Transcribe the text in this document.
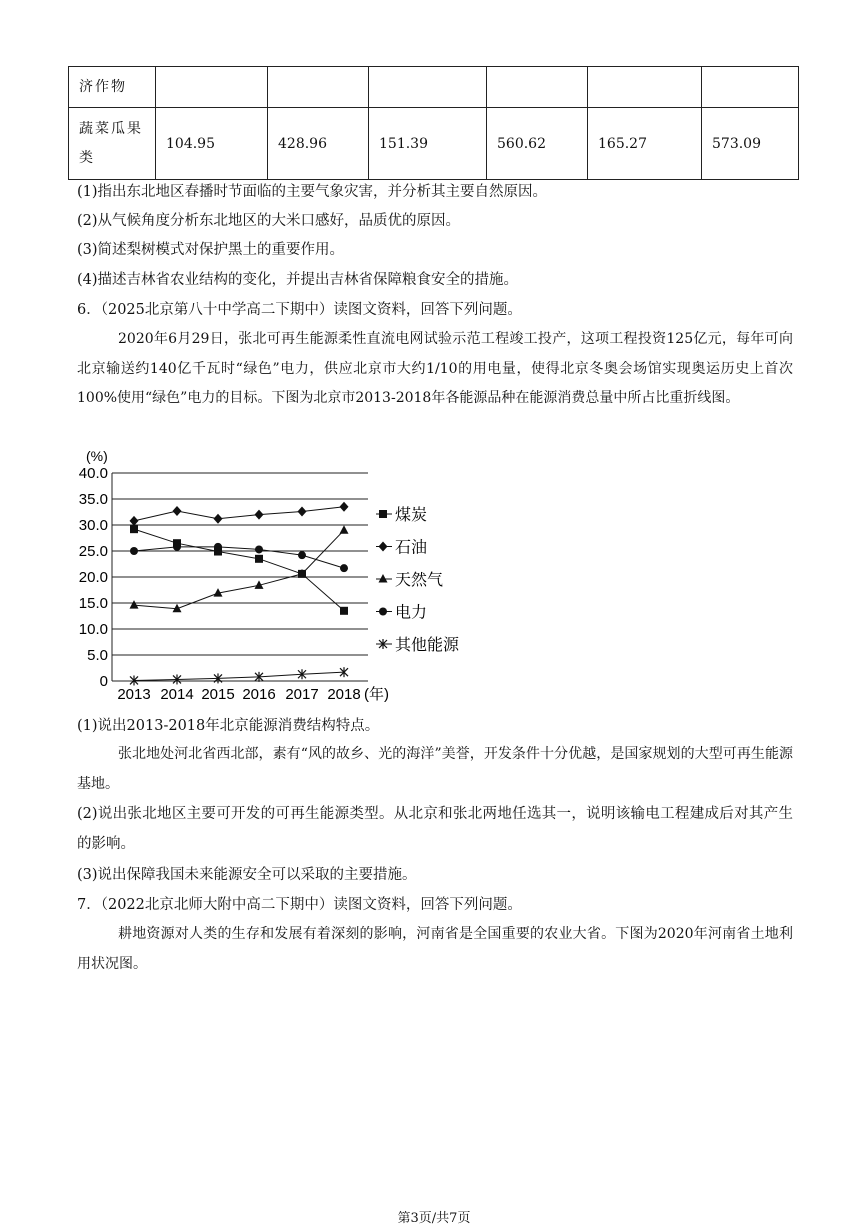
济作物						
蔬菜瓜果类	104.95	428.96	151.39	560.62	165.27	573.09
(1)指出东北地区春播时节面临的主要气象灾害，并分析其主要自然原因。
(2)从气候角度分析东北地区的大米口感好，品质优的原因。
(3)简述梨树模式对保护黑土的重要作用。
(4)描述吉林省农业结构的变化，并提出吉林省保障粮食安全的措施。
6．（2025北京第八十中学高二下期中）读图文资料，回答下列问题。
2020年6月29日，张北可再生能源柔性直流电网试验示范工程竣工投产，这项工程投资125亿元，每年可向北京输送约140亿千瓦时“绿色”电力，供应北京市大约1/10的用电量，使得北京冬奥会场馆实现奥运历史上首次100%使用“绿色”电力的目标。下图为北京市2013-2018年各能源品种在能源消费总量中所占比重折线图。
0
5.0
10.0
15.0
20.0
25.0
30.0
35.0
40.0
2013 2014 2015 2016 2017 2018 (年)
煤炭
石油
天然气
电力
其他能源
(%)
(1)说出2013-2018年北京能源消费结构特点。
张北地处河北省西北部，素有“风的故乡、光的海洋”美誉，开发条件十分优越，是国家规划的大型可再生能源基地。
(2)说出张北地区主要可开发的可再生能源类型。从北京和张北两地任选其一，说明该输电工程建成后对其产生的影响。
(3)说出保障我国未来能源安全可以采取的主要措施。
7．（2022北京北师大附中高二下期中）读图文资料，回答下列问题。
耕地资源对人类的生存和发展有着深刻的影响，河南省是全国重要的农业大省。下图为2020年河南省土地利用状况图。
第3页/共7页
